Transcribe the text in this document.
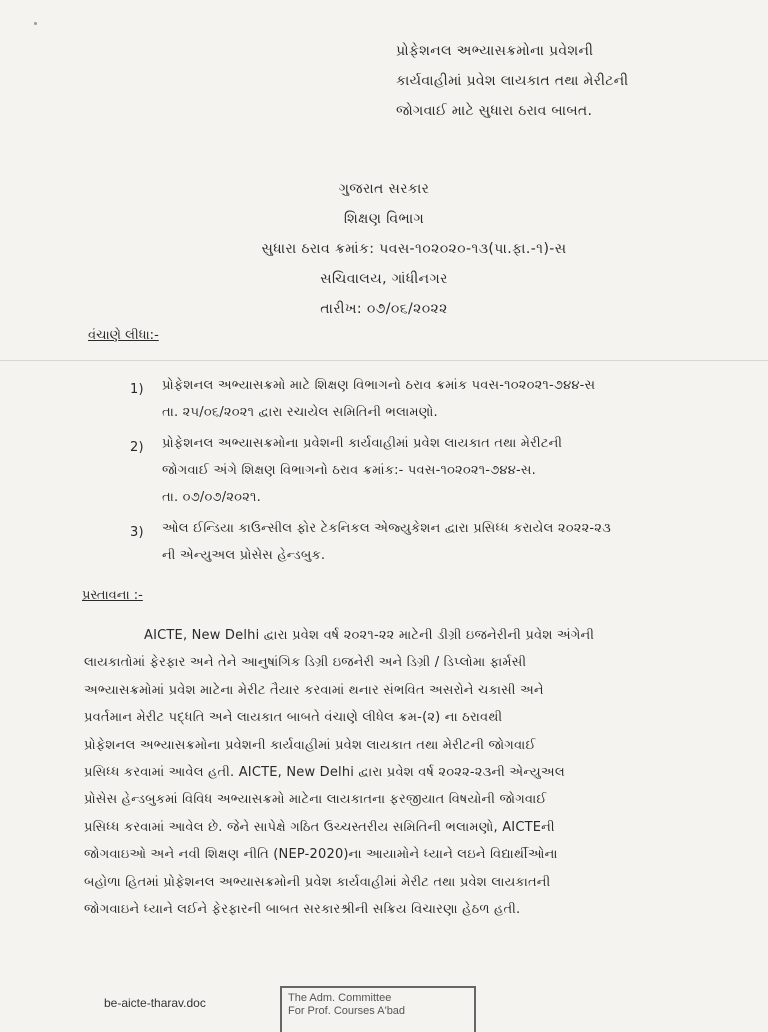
પ્રોફેશનલ અભ્યાસક્રમોના પ્રવેશની
કાર્યવાહીમાં પ્રવેશ લાયકાત તથા મેરીટની
જોગવાઈ માટે સુધારા ઠરાવ બાબત.
ગુજરાત સરકાર
શિક્ષણ વિભાગ
સુધારા ઠરાવ ક્રમાંક: પવસ-૧૦૨૦૨૦-૧૩(પા.ફા.-૧)-સ
સચિવાલય, ગાંધીનગર
તારીખ: ૦૭/૦૬/૨૦૨૨
વંચાણે લીધા:-
1) પ્રોફેશનલ અભ્યાસક્રમો માટે શિક્ષણ વિભાગનો ઠરાવ ક્રમાંક પવસ-૧૦૨૦૨૧-૭૪૪-સ
તા. ૨૫/૦૬/૨૦૨૧ દ્વારા રચાયેલ સમિતિની ભલામણો.
2) પ્રોફેશનલ અભ્યાસક્રમોના પ્રવેશની કાર્યવાહીમાં પ્રવેશ લાયકાત તથા મેરીટની
જોગવાઈ અંગે શિક્ષણ વિભાગનો ઠરાવ ક્રમાંક:- પવસ-૧૦૨૦૨૧-૭૪૪-સ.
તા. ૦૭/૦૭/૨૦૨૧.
3) ઓલ ઈન્ડિયા કાઉન્સીલ ફોર ટેકનિકલ એજ્યુકેશન દ્વારા પ્રસિધ્ધ કરાયેલ ૨૦૨૨-૨૩
ની એન્યુઅલ પ્રોસેસ હેન્ડબુક.
પ્રસ્તાવના :-
AICTE, New Delhi દ્વારા પ્રવેશ વર્ષ ૨૦૨૧-૨૨ માટેની ડીગ્રી ઇજનેરીની પ્રવેશ અંગેની
લાયકાતોમાં ફેરફાર અને તેને આનુષાંગિક ડિગ્રી ઇજનેરી અને ડિગ્રી / ડિપ્લોમા ફાર્મસી
અભ્યાસક્રમોમાં પ્રવેશ માટેના મેરીટ તૈયાર કરવામાં થનાર સંભવિત અસરોને ચકાસી અને
પ્રવર્તમાન મેરીટ પદ્ધતિ અને લાયકાત બાબતે વંચાણે લીધેલ ક્રમ-(૨) ના ઠરાવથી
પ્રોફેશનલ અભ્યાસક્રમોના પ્રવેશની કાર્યવાહીમાં પ્રવેશ લાયકાત તથા મેરીટની જોગવાઈ
પ્રસિધ્ધ કરવામાં આવેલ હતી. AICTE, New Delhi દ્વારા પ્રવેશ વર્ષ ૨૦૨૨-૨૩ની એન્યુઅલ
પ્રોસેસ હેન્ડબુકમાં વિવિધ અભ્યાસક્રમો માટેના લાયકાતના ફરજીયાત વિષયોની જોગવાઈ
પ્રસિધ્ધ કરવામાં આવેલ છે. જેને સાપેક્ષે ગઠિત ઉચ્ચસ્તરીય સમિતિની ભલામણો, AICTEની
જોગવાઇઓ અને નવી શિક્ષણ નીતિ (NEP-2020)ના આયામોને ધ્યાને લઇને વિદ્યાર્થીઓના
બહોળા હિતમાં પ્રોફેશનલ અભ્યાસક્રમોની પ્રવેશ કાર્યવાહીમાં મેરીટ તથા પ્રવેશ લાયકાતની
જોગવાઇને ધ્યાને લઈને ફેરફારની બાબત સરકારશ્રીની સક્રિય વિચારણા હેઠળ હતી.
be-aicte-tharav.doc	The Adm. Committee
For Prof. Courses A'bad
